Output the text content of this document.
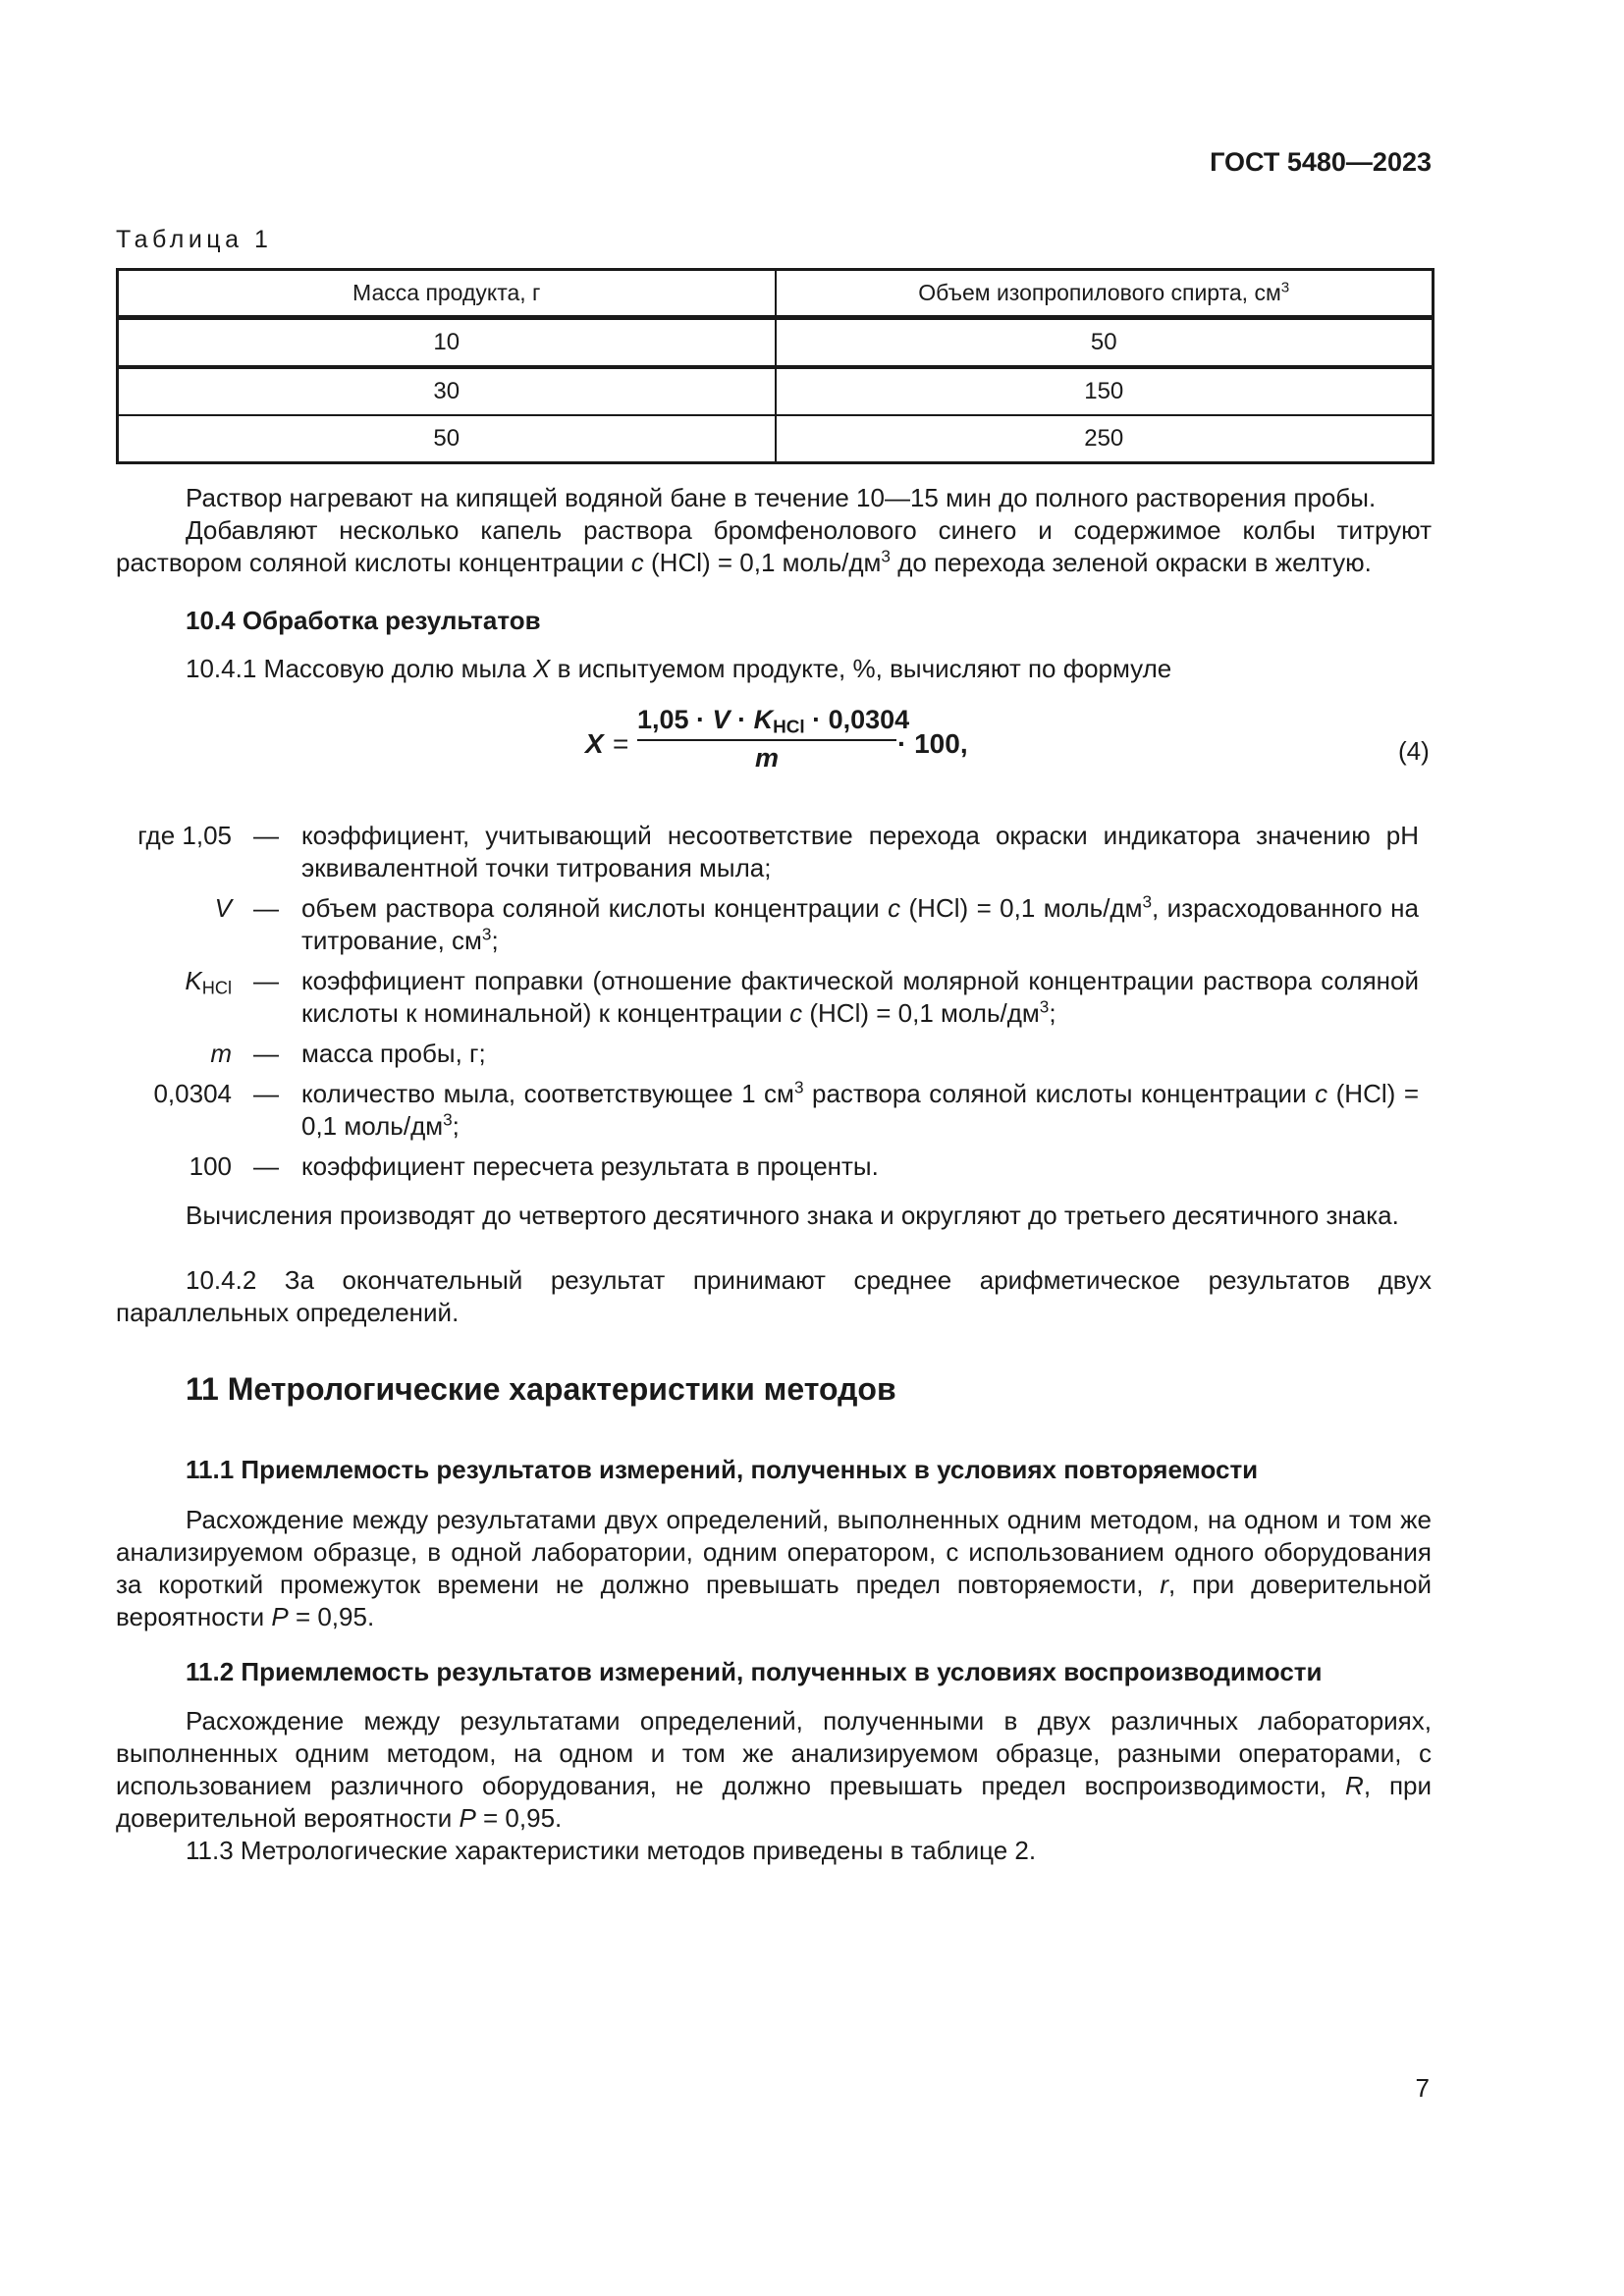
ГОСТ 5480—2023
Таблица 1
Масса продукта, г	Объем изопропилового спирта, $см^3$
10	50
30	150
50	250
Раствор нагревают на кипящей водяной бане в течение 10—15 мин до полного растворения пробы.
Добавляют несколько капель раствора бромфенолового синего и содержимое колбы титруют раствором соляной кислоты концентрации c (HCl) = 0,1 моль/$дм^3$ до перехода зеленой окраски в желтую.
10.4 Обработка результатов
10.4.1 Массовую долю мыла X в испытуемом продукте, %, вычисляют по формуле
X =
$1,05 \cdot V \cdot K_{HCl} \cdot 0,0304$
m	· 100,	(4)
где 1,05 — коэффициент, учитывающий несоответствие перехода окраски индикатора значению pH эквивалентной точки титрования мыла;
V — объем раствора соляной кислоты концентрации c (HCl) = 0,1 моль/$дм^3$, израсходованного на титрование, $см^3$;
$K_{HCl}$ — коэффициент поправки (отношение фактической молярной концентрации раствора соляной кислоты к номинальной) к концентрации c (HCl) = 0,1 моль/$дм^3$;
m — масса пробы, г;
0,0304 — количество мыла, соответствующее 1 $см^3$ раствора соляной кислоты концентрации c (HCl) = 0,1 моль/$дм^3$;
100 — коэффициент пересчета результата в проценты.
Вычисления производят до четвертого десятичного знака и округляют до третьего десятичного знака.
10.4.2 За окончательный результат принимают среднее арифметическое результатов двух параллельных определений.
11 Метрологические характеристики методов
11.1 Приемлемость результатов измерений, полученных в условиях повторяемости
Расхождение между результатами двух определений, выполненных одним методом, на одном и том же анализируемом образце, в одной лаборатории, одним оператором, с использованием одного оборудования за короткий промежуток времени не должно превышать предел повторяемости, r, при доверительной вероятности P = 0,95.
11.2 Приемлемость результатов измерений, полученных в условиях воспроизводимости
Расхождение между результатами определений, полученными в двух различных лабораториях, выполненных одним методом, на одном и том же анализируемом образце, разными операторами, с использованием различного оборудования, не должно превышать предел воспроизводимости, R, при доверительной вероятности P = 0,95.
11.3 Метрологические характеристики методов приведены в таблице 2.
7
